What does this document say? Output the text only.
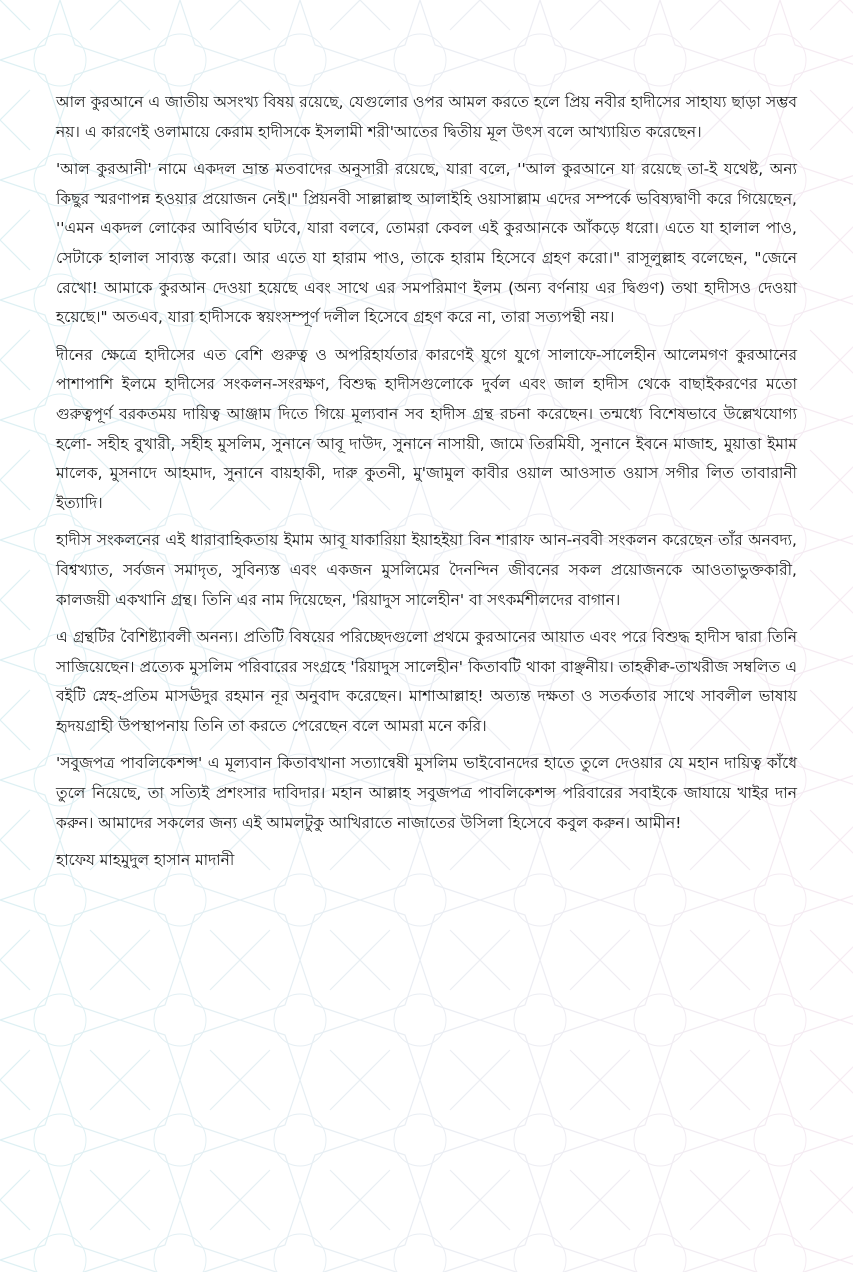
আল কুরআনে এ জাতীয় অসংখ্য বিষয় রয়েছে, যেগুলোর ওপর আমল করতে হলে প্রিয় নবীর হাদীসের সাহায্য ছাড়া সম্ভব নয়। এ কারণেই ওলামায়ে কেরাম হাদীসকে ইসলামী শরী'আতের দ্বিতীয় মূল উৎস বলে আখ্যায়িত করেছেন।

'আল কুরআনী' নামে একদল ভ্রান্ত মতবাদের অনুসারী রয়েছে, যারা বলে, ''আল কুরআনে যা রয়েছে তা-ই যথেষ্ট, অন্য কিছুর স্মরণাপন্ন হওয়ার প্রয়োজন নেই।" প্রিয়নবী সাল্লাল্লাহু আলাইহি ওয়াসাল্লাম এদের সম্পর্কে ভবিষ্যদ্বাণী করে গিয়েছেন, ''এমন একদল লোকের আবির্ভাব ঘটবে, যারা বলবে, তোমরা কেবল এই কুরআনকে আঁকড়ে ধরো। এতে যা হালাল পাও, সেটাকে হালাল সাব্যস্ত করো। আর এতে যা হারাম পাও, তাকে হারাম হিসেবে গ্রহণ করো।" রাসূলুল্লাহ বলেছেন, "জেনে রেখো! আমাকে কুরআন দেওয়া হয়েছে এবং সাথে এর সমপরিমাণ ইলম (অন্য বর্ণনায় এর দ্বিগুণ) তথা হাদীসও দেওয়া হয়েছে।" অতএব, যারা হাদীসকে স্বয়ংসম্পূর্ণ দলীল হিসেবে গ্রহণ করে না, তারা সত্যপন্থী নয়।

দীনের ক্ষেত্রে হাদীসের এত বেশি গুরুত্ব ও অপরিহার্যতার কারণেই যুগে যুগে সালাফে-সালেহীন আলেমগণ কুরআনের পাশাপাশি ইলমে হাদীসের সংকলন-সংরক্ষণ, বিশুদ্ধ হাদীসগুলোকে দুর্বল এবং জাল হাদীস থেকে বাছাইকরণের মতো গুরুত্বপূর্ণ বরকতময় দায়িত্ব আঞ্জাম দিতে গিয়ে মূল্যবান সব হাদীস গ্রন্থ রচনা করেছেন। তন্মধ্যে বিশেষভাবে উল্লেখযোগ্য হলো- সহীহ বুখারী, সহীহ মুসলিম, সুনানে আবূ দাউদ, সুনানে নাসায়ী, জামে তিরমিযী, সুনানে ইবনে মাজাহ, মুয়াত্তা ইমাম মালেক, মুসনাদে আহমাদ, সুনানে বায়হাকী, দারু কুতনী, মু'জামুল কাবীর ওয়াল আওসাত ওয়াস সগীর লিত তাবারানী ইত্যাদি।

হাদীস সংকলনের এই ধারাবাহিকতায় ইমাম আবূ যাকারিয়া ইয়াহইয়া বিন শারাফ আন-নববী সংকলন করেছেন তাঁর অনবদ্য, বিশ্বখ্যাত, সর্বজন সমাদৃত, সুবিন্যস্ত এবং একজন মুসলিমের দৈনন্দিন জীবনের সকল প্রয়োজনকে আওতাভুক্তকারী, কালজয়ী একখানি গ্রন্থ। তিনি এর নাম দিয়েছেন, 'রিয়াদুস সালেহীন' বা সৎকর্মশীলদের বাগান।

এ গ্রন্থটির বৈশিষ্ট্যাবলী অনন্য। প্রতিটি বিষয়ের পরিচ্ছেদগুলো প্রথমে কুরআনের আয়াত এবং পরে বিশুদ্ধ হাদীস দ্বারা তিনি সাজিয়েছেন। প্রত্যেক মুসলিম পরিবারের সংগ্রহে 'রিয়াদুস সালেহীন' কিতাবটি থাকা বাঞ্ছনীয়। তাহক্বীক্ব-তাখরীজ সম্বলিত এ বইটি স্নেহ-প্রতিম মাসঊদুর রহমান নূর অনুবাদ করেছেন। মাশাআল্লাহ! অত্যন্ত দক্ষতা ও সতর্কতার সাথে সাবলীল ভাষায় হৃদয়গ্রাহী উপস্থাপনায় তিনি তা করতে পেরেছেন বলে আমরা মনে করি।

'সবুজপত্র পাবলিকেশন্স' এ মূল্যবান কিতাবখানা সত্যান্বেষী মুসলিম ভাইবোনদের হাতে তুলে দেওয়ার যে মহান দায়িত্ব কাঁধে তুলে নিয়েছে, তা সত্যিই প্রশংসার দাবিদার। মহান আল্লাহ সবুজপত্র পাবলিকেশন্স পরিবারের সবাইকে জাযায়ে খাইর দান করুন। আমাদের সকলের জন্য এই আমলটুকু আখিরাতে নাজাতের উসিলা হিসেবে কবুল করুন। আমীন!

হাফেয মাহমুদুল হাসান মাদানী
